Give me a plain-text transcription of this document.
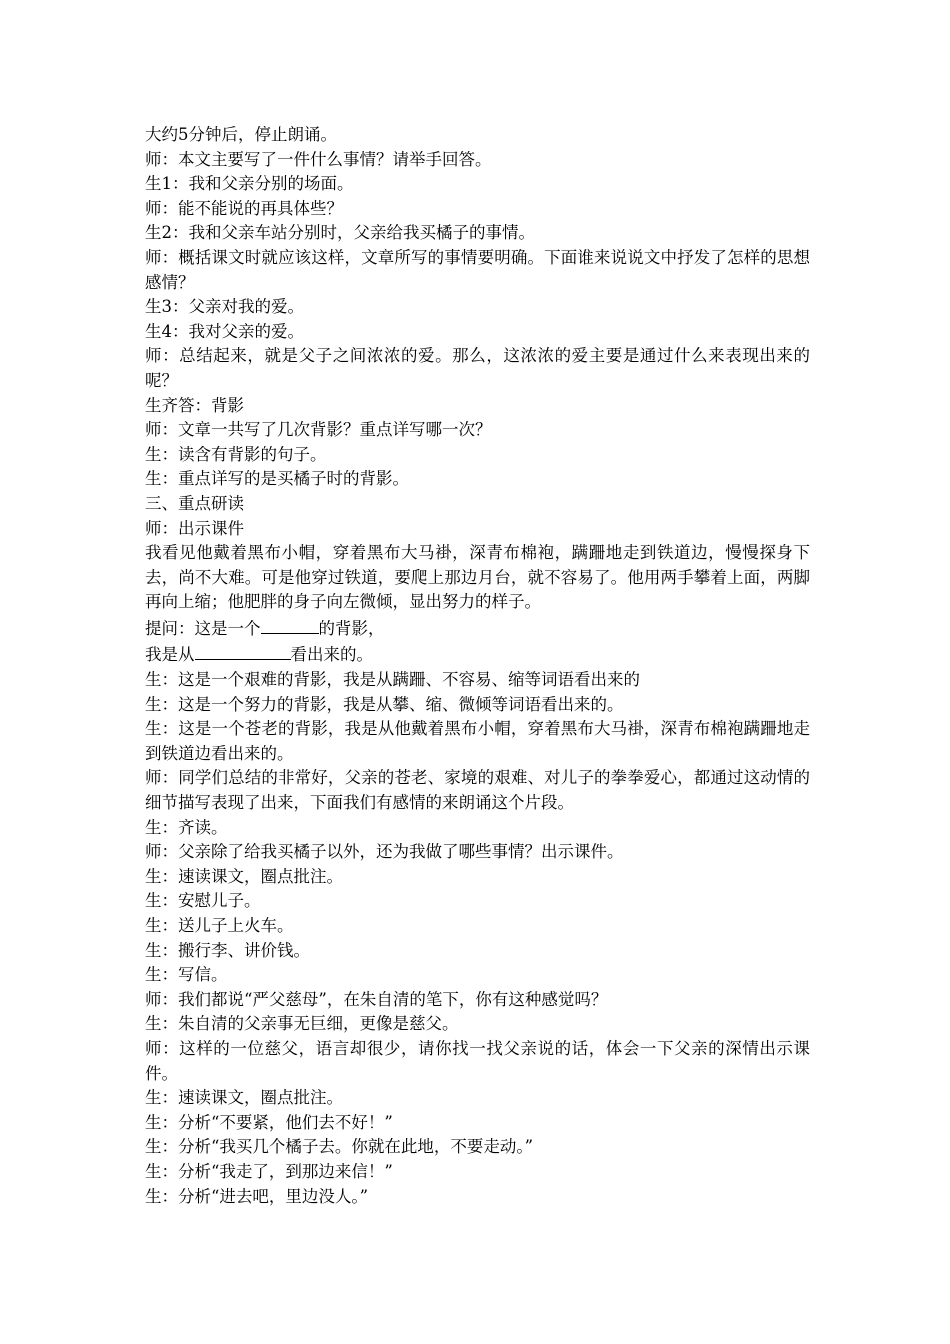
大约5分钟后，停止朗诵。

师：本文主要写了一件什么事情？请举手回答。

生1：我和父亲分别的场面。

师：能不能说的再具体些？

生2：我和父亲车站分别时，父亲给我买橘子的事情。

师：概括课文时就应该这样，文章所写的事情要明确。下面谁来说说文中抒发了怎样的思想感情？

生3：父亲对我的爱。

生4：我对父亲的爱。

师：总结起来，就是父子之间浓浓的爱。那么，这浓浓的爱主要是通过什么来表现出来的呢？

生齐答：背影

师：文章一共写了几次背影？重点详写哪一次？

生：读含有背影的句子。

生：重点详写的是买橘子时的背影。

三、重点研读

师：出示课件

我看见他戴着黑布小帽，穿着黑布大马褂，深青布棉袍，蹒跚地走到铁道边，慢慢探身下去，尚不大难。可是他穿过铁道，要爬上那边月台，就不容易了。他用两手攀着上面，两脚再向上缩；他肥胖的身子向左微倾，显出努力的样子。

提问：这是一个	的背影，

我是从	看出来的。

生：这是一个艰难的背影，我是从蹒跚、不容易、缩等词语看出来的

生：这是一个努力的背影，我是从攀、缩、微倾等词语看出来的。

生：这是一个苍老的背影，我是从他戴着黑布小帽，穿着黑布大马褂，深青布棉袍蹒跚地走到铁道边看出来的。

师：同学们总结的非常好，父亲的苍老、家境的艰难、对儿子的拳拳爱心，都通过这动情的细节描写表现了出来，下面我们有感情的来朗诵这个片段。

生：齐读。

师：父亲除了给我买橘子以外，还为我做了哪些事情？出示课件。

生：速读课文，圈点批注。

生：安慰儿子。

生：送儿子上火车。

生：搬行李、讲价钱。

生：写信。

师：我们都说“严父慈母”，在朱自清的笔下，你有这种感觉吗？

生：朱自清的父亲事无巨细，更像是慈父。

师：这样的一位慈父，语言却很少，请你找一找父亲说的话，体会一下父亲的深情出示课件。

生：速读课文，圈点批注。

生：分析“不要紧，他们去不好！”

生：分析“我买几个橘子去。你就在此地，不要走动。”

生：分析“我走了，到那边来信！”

生：分析“进去吧，里边没人。”
